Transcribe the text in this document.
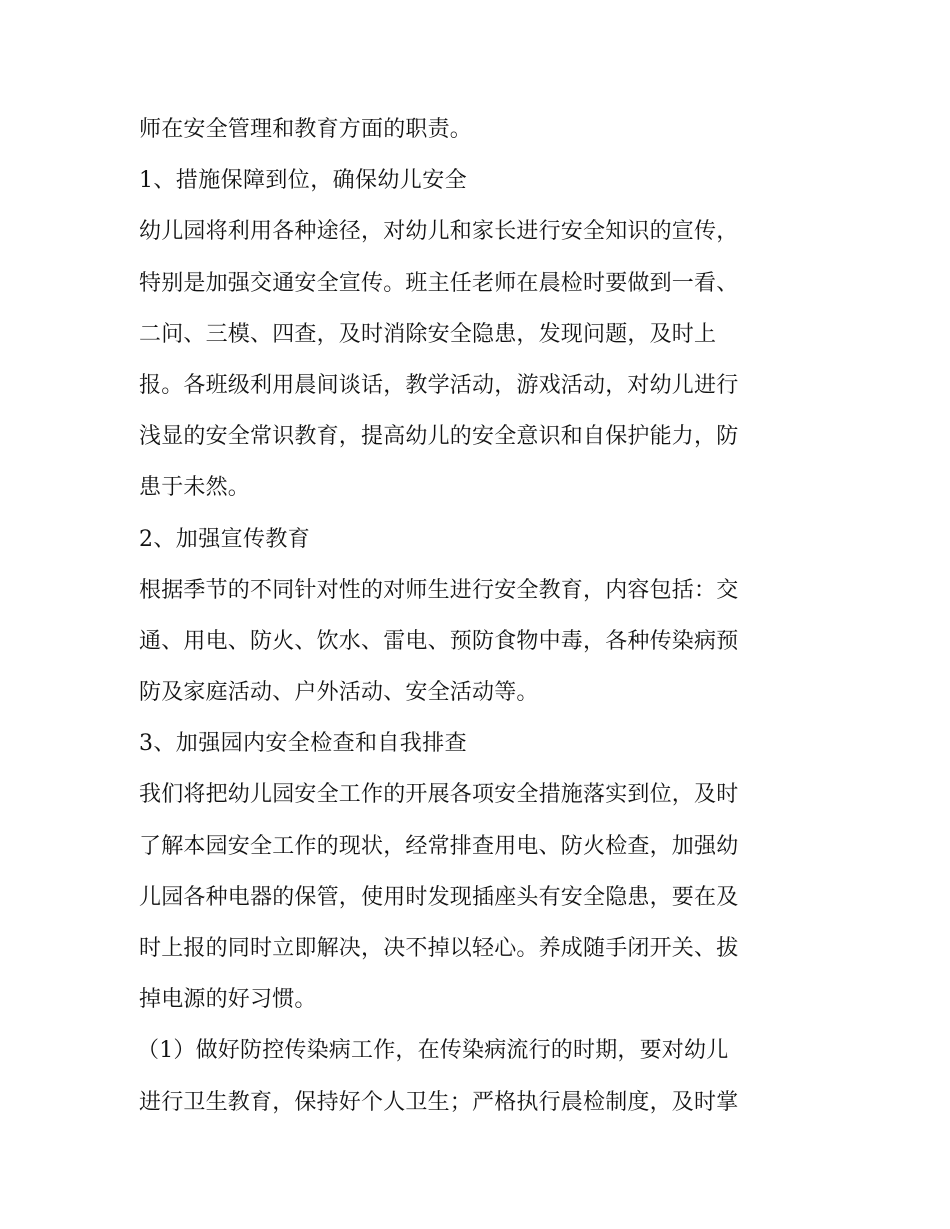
师在安全管理和教育方面的职责。
1、措施保障到位，确保幼儿安全
幼儿园将利用各种途径，对幼儿和家长进行安全知识的宣传，
特别是加强交通安全宣传。班主任老师在晨检时要做到一看、
二问、三模、四查，及时消除安全隐患，发现问题，及时上
报。各班级利用晨间谈话，教学活动，游戏活动，对幼儿进行
浅显的安全常识教育，提高幼儿的安全意识和自保护能力，防
患于未然。
2、加强宣传教育
根据季节的不同针对性的对师生进行安全教育，内容包括：交
通、用电、防火、饮水、雷电、预防食物中毒，各种传染病预
防及家庭活动、户外活动、安全活动等。
3、加强园内安全检查和自我排查
我们将把幼儿园安全工作的开展各项安全措施落实到位，及时
了解本园安全工作的现状，经常排查用电、防火检查，加强幼
儿园各种电器的保管，使用时发现插座头有安全隐患，要在及
时上报的同时立即解决，决不掉以轻心。养成随手闭开关、拔
掉电源的好习惯。
（1）做好防控传染病工作，在传染病流行的时期，要对幼儿
进行卫生教育，保持好个人卫生；严格执行晨检制度，及时掌
